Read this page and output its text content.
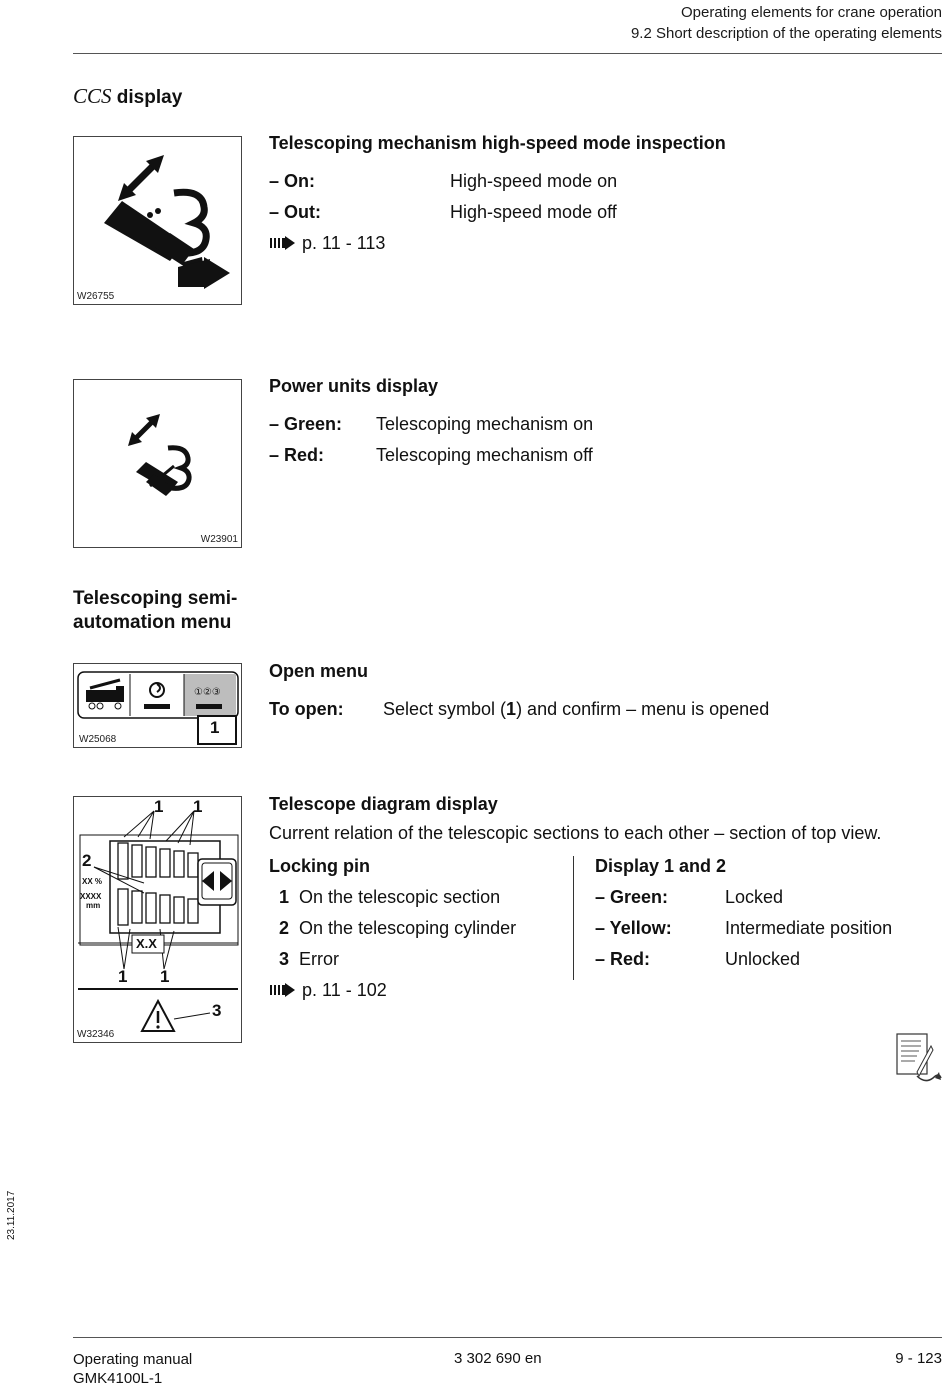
Operating elements for crane operation
9.2 Short description of the operating elements
CCS display
W26755
Telescoping mechanism high-speed mode inspection
– On:	High-speed mode on
– Out:	High-speed mode off
p. 11 - 113
W23901
Power units display
– Green: Telescoping mechanism on
– Red:	Telescoping mechanism off
Telescoping semi-
automation menu
①②③
1
W25068
Open menu
To open: Select symbol (1) and confirm – menu is opened
1 1
2
XX %
XXXX
mm
X.X
1 1
3
W32346
Telescope diagram display
Current relation of the telescopic sections to each other – section of top view.
Locking pin
1 On the telescopic section
2 On the telescoping cylinder
3 Error
Display 1 and 2
– Green:	Locked
– Yellow:	Intermediate position
– Red:	Unlocked
p. 11 - 102
23.11.2017
Operating manual
GMK4100L-1
3 302 690 en	9 - 123
